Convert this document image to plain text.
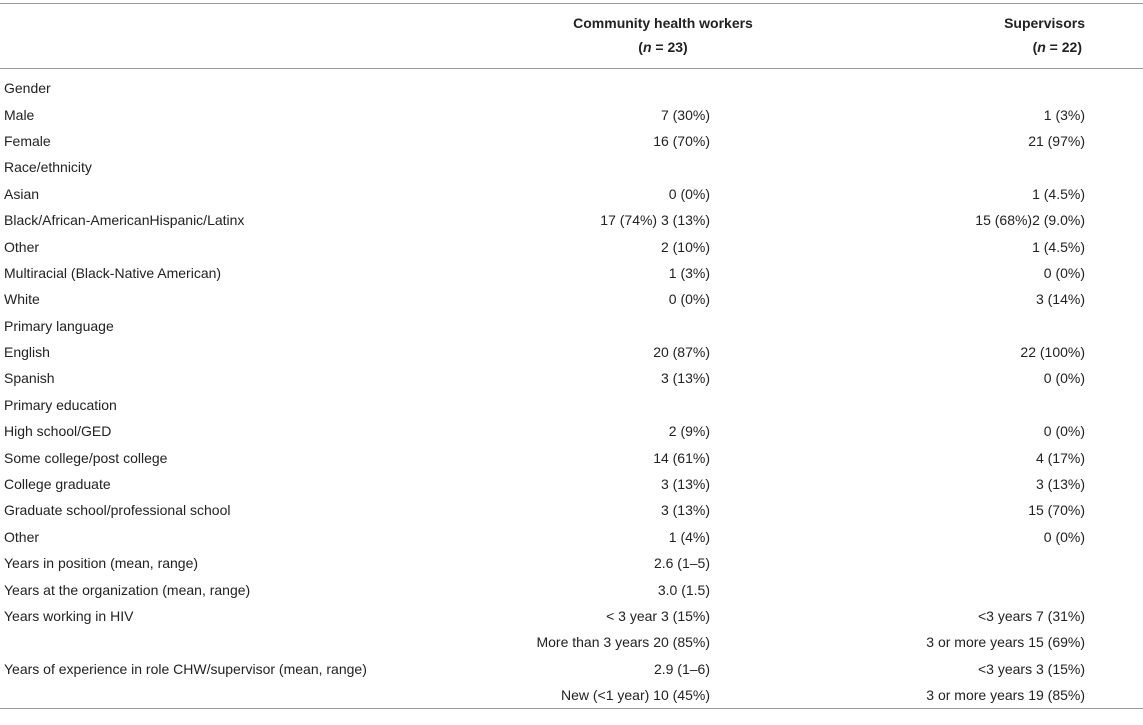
	Community health workers	Supervisors
	(n = 23)	(n = 22)
Gender		
Male	7 (30%)	1 (3%)
Female	16 (70%)	21 (97%)
Race/ethnicity		
Asian	0 (0%)	1 (4.5%)
Black/African-AmericanHispanic/Latinx	17 (74%) 3 (13%)	15 (68%)2 (9.0%)
Other	2 (10%)	1 (4.5%)
Multiracial (Black-Native American)	1 (3%)	0 (0%)
White	0 (0%)	3 (14%)
Primary language		
English	20 (87%)	22 (100%)
Spanish	3 (13%)	0 (0%)
Primary education		
High school/GED	2 (9%)	0 (0%)
Some college/post college	14 (61%)	4 (17%)
College graduate	3 (13%)	3 (13%)
Graduate school/professional school	3 (13%)	15 (70%)
Other	1 (4%)	0 (0%)
Years in position (mean, range)	2.6 (1–5)	
Years at the organization (mean, range)	3.0 (1.5)	
Years working in HIV	< 3 year 3 (15%)	<3 years 7 (31%)
	More than 3 years 20 (85%)	3 or more years 15 (69%)
Years of experience in role CHW/supervisor (mean, range)	2.9 (1–6)	<3 years 3 (15%)
	New (<1 year) 10 (45%)	3 or more years 19 (85%)
